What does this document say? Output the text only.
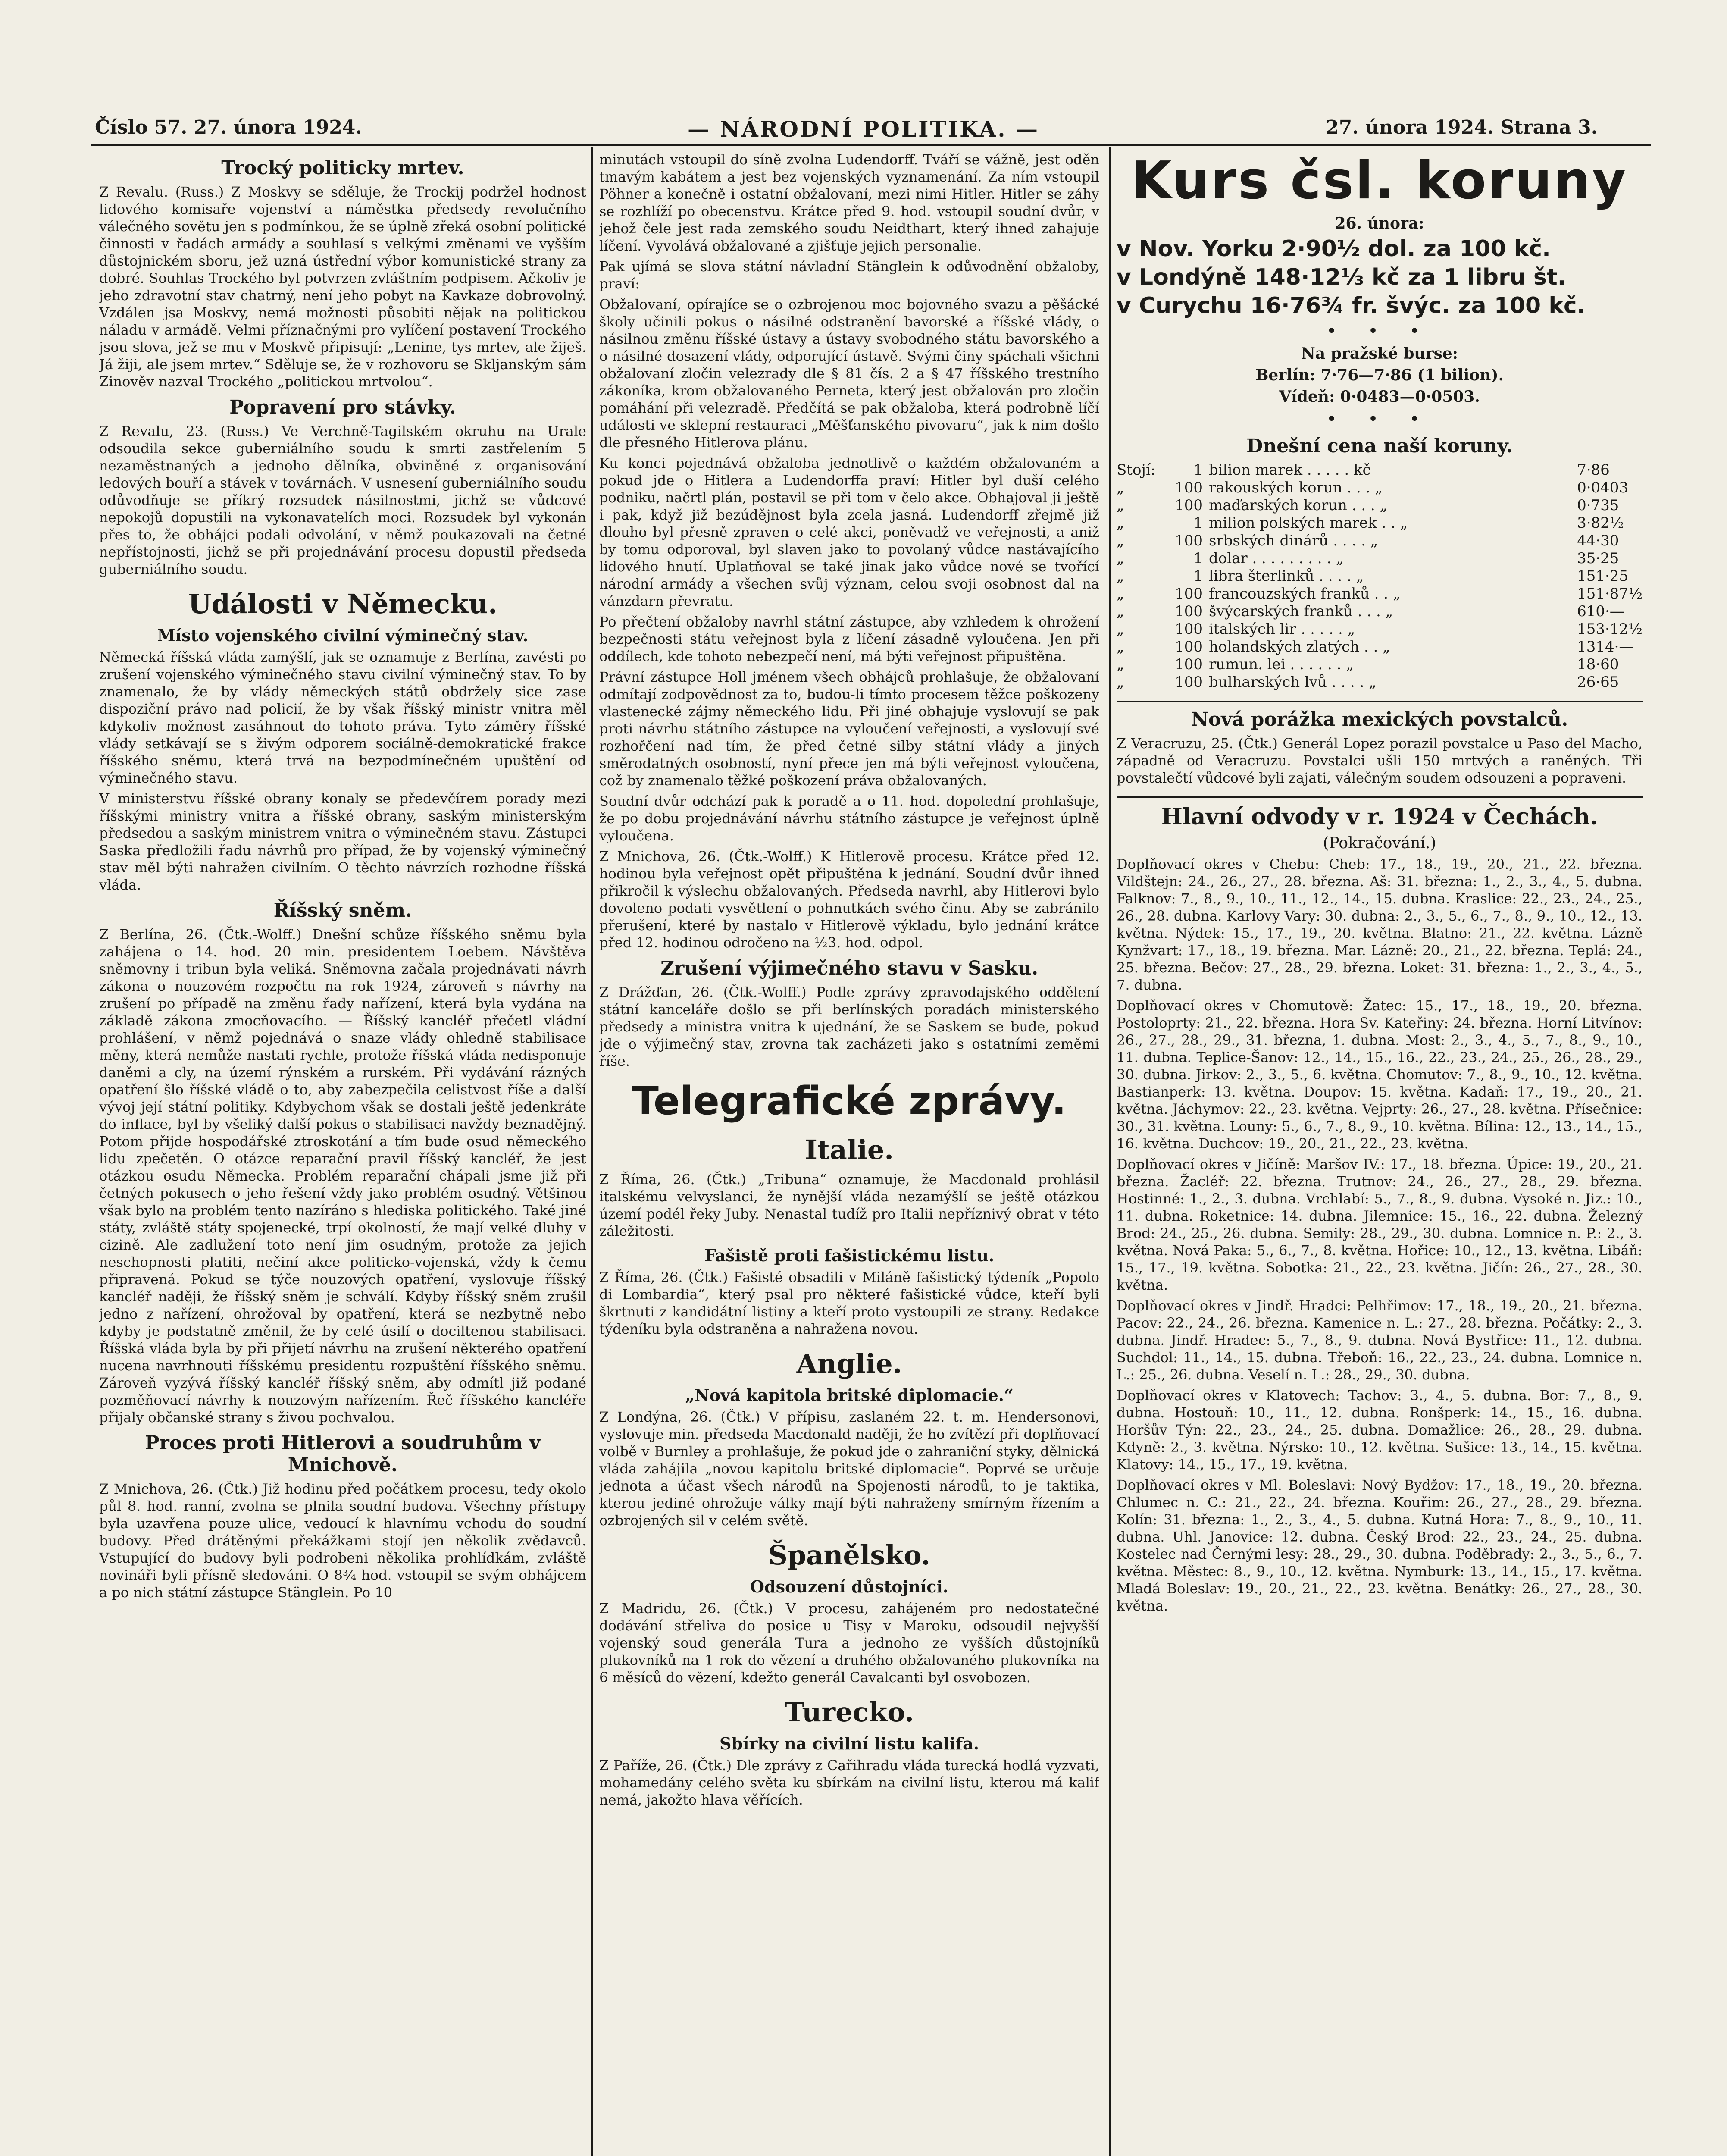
Číslo 57. 27. února 1924.	— NÁRODNÍ POLITIKA. —	27. února 1924. Strana 3.
Trocký politicky mrtev.

Z Revalu. (Russ.) Z Moskvy se sděluje, že Trockij podržel hodnost lidového komisaře vojenství a náměstka předsedy revolučního válečného sovětu jen s podmínkou, že se úplně zřeká osobní politické činnosti v řadách armády a souhlasí s velkými změnami ve vyšším důstojnickém sboru, jež uzná ústřední výbor komunistické strany za dobré. Souhlas Trockého byl potvrzen zvláštním podpisem. Ačkoliv je jeho zdravotní stav chatrný, není jeho pobyt na Kavkaze dobrovolný. Vzdálen jsa Moskvy, nemá možnosti působiti nějak na politickou náladu v armádě. Velmi příznačnými pro vylíčení postavení Trockého jsou slova, jež se mu v Moskvě připisují: „Lenine, tys mrtev, ale žiješ. Já žiji, ale jsem mrtev.“ Sděluje se, že v rozhovoru se Skljanským sám Zinověv nazval Trockého „politickou mrtvolou“.

Popravení pro stávky.

Z Revalu, 23. (Russ.) Ve Verchně-Tagilském okruhu na Urale odsoudila sekce guberniálního soudu k smrti zastřelením 5 nezaměstnaných a jednoho dělníka, obviněné z organisování ledových bouří a stávek v továrnách. V usnesení guberniálního soudu odůvodňuje se příkrý rozsudek násilnostmi, jichž se vůdcové nepokojů dopustili na vykonavatelích moci. Rozsudek byl vykonán přes to, že obhájci podali odvolání, v němž poukazovali na četné nepřístojnosti, jichž se při projednávání procesu dopustil předseda guberniálního soudu.

Události v Německu.
Místo vojenského civilní výminečný stav.

Německá říšská vláda zamýšlí, jak se oznamuje z Berlína, zavésti po zrušení vojenského výminečného stavu civilní výminečný stav. To by znamenalo, že by vlády německých států obdržely sice zase dispoziční právo nad policií, že by však říšský ministr vnitra měl kdykoliv možnost zasáhnout do tohoto práva. Tyto záměry říšské vlády setkávají se s živým odporem sociálně-demokratické frakce říšského sněmu, která trvá na bezpodmínečném upuštění od výminečného stavu.

V ministerstvu říšské obrany konaly se předevčírem porady mezi říšskými ministry vnitra a říšské obrany, saským ministerským předsedou a saským ministrem vnitra o výminečném stavu. Zástupci Saska předložili řadu návrhů pro případ, že by vojenský výminečný stav měl býti nahražen civilním. O těchto návrzích rozhodne říšská vláda.

Říšský sněm.

Z Berlína, 26. (Čtk.-Wolff.) Dnešní schůze říšského sněmu byla zahájena o 14. hod. 20 min. presidentem Loebem. Návštěva sněmovny i tribun byla veliká. Sněmovna začala projednávati návrh zákona o nouzovém rozpočtu na rok 1924, zároveň s návrhy na zrušení po případě na změnu řady nařízení, která byla vydána na základě zákona zmocňovacího. — Říšský kancléř přečetl vládní prohlášení, v němž pojednává o snaze vlády ohledně stabilisace měny, která nemůže nastati rychle, protože říšská vláda nedisponuje daněmi a cly, na území rýnském a rurském. Při vydávání rázných opatření šlo říšské vládě o to, aby zabezpečila celistvost říše a další vývoj její státní politiky. Kdybychom však se dostali ještě jedenkráte do inflace, byl by všeliký další pokus o stabilisaci navždy beznadějný. Potom přijde hospodářské ztroskotání a tím bude osud německého lidu zpečetěn. O otázce reparační pravil říšský kancléř, že jest otázkou osudu Německa. Problém reparační chápali jsme již při četných pokusech o jeho řešení vždy jako problém osudný. Většinou však bylo na problém tento nazíráno s hlediska politického. Také jiné státy, zvláště státy spojenecké, trpí okolností, že mají velké dluhy v cizině. Ale zadlužení toto není jim osudným, protože za jejich neschopnosti platiti, nečiní akce politicko-vojenská, vždy k čemu připravená. Pokud se týče nouzových opatření, vyslovuje říšský kancléř naději, že říšský sněm je schválí. Kdyby říšský sněm zrušil jedno z nařízení, ohrožoval by opatření, která se nezbytně nebo kdyby je podstatně změnil, že by celé úsilí o dociltenou stabilisaci. Říšská vláda byla by při přijetí návrhu na zrušení některého opatření nucena navrhnouti říšskému presidentu rozpuštění říšského sněmu. Zároveň vyzývá říšský kancléř říšský sněm, aby odmítl již podané pozměňovací návrhy k nouzovým nařízením. Řeč říšského kancléře přijaly občanské strany s živou pochvalou.

Proces proti Hitlerovi a soudruhům v Mnichově.

Z Mnichova, 26. (Čtk.) Již hodinu před počátkem procesu, tedy okolo půl 8. hod. ranní, zvolna se plnila soudní budova. Všechny přístupy byla uzavřena pouze ulice, vedoucí k hlavnímu vchodu do soudní budovy. Před drátěnými překážkami stojí jen několik zvědavců. Vstupující do budovy byli podrobeni několika prohlídkám, zvláště novináři byli přísně sledováni. O 8¾ hod. vstoupil se svým obhájcem a po nich státní zástupce Stänglein. Po 10

minutách vstoupil do síně zvolna Ludendorff. Tváří se vážně, jest oděn tmavým kabátem a jest bez vojenských vyznamenání. Za ním vstoupil Pöhner a konečně i ostatní obžalovaní, mezi nimi Hitler. Hitler se záhy se rozhlíží po obecenstvu. Krátce před 9. hod. vstoupil soudní dvůr, v jehož čele jest rada zemského soudu Neidthart, který ihned zahajuje líčení. Vyvolává obžalované a zjišťuje jejich personalie.

Pak ujímá se slova státní návladní Stänglein k odůvodnění obžaloby, praví:

Obžalovaní, opírajíce se o ozbrojenou moc bojovného svazu a pěšácké školy učinili pokus o násilné odstranění bavorské a říšské vlády, o násilnou změnu říšské ústavy a ústavy svobodného státu bavorského a o násilné dosazení vlády, odporující ústavě. Svými činy spáchali všichni obžalovaní zločin velezrady dle § 81 čís. 2 a § 47 říšského trestního zákoníka, krom obžalovaného Perneta, který jest obžalován pro zločin pomáhání při velezradě. Předčítá se pak obžaloba, která podrobně líčí události ve sklepní restauraci „Měšťanského pivovaru“, jak k nim došlo dle přesného Hitlerova plánu.

Ku konci pojednává obžaloba jednotlivě o každém obžalovaném a pokud jde o Hitlera a Ludendorffa praví: Hitler byl duší celého podniku, načrtl plán, postavil se při tom v čelo akce. Obhajoval ji ještě i pak, když již bezúdějnost byla zcela jasná. Ludendorff zřejmě již dlouho byl přesně zpraven o celé akci, poněvadž ve veřejnosti, a aniž by tomu odporoval, byl slaven jako to povolaný vůdce nastávajícího lidového hnutí. Uplatňoval se také jinak jako vůdce nové se tvořící národní armády a všechen svůj význam, celou svoji osobnost dal na vánzdarn převratu.

Po přečtení obžaloby navrhl státní zástupce, aby vzhledem k ohrožení bezpečnosti státu veřejnost byla z líčení zásadně vyloučena. Jen při oddílech, kde tohoto nebezpečí není, má býti veřejnost připuštěna.

Právní zástupce Holl jménem všech obhájců prohlašuje, že obžalovaní odmítají zodpovědnost za to, budou-li tímto procesem těžce poškozeny vlastenecké zájmy německého lidu. Při jiné obhajuje vyslovují se pak proti návrhu státního zástupce na vyloučení veřejnosti, a vyslovují své rozhořčení nad tím, že před četné silby státní vlády a jiných směrodatných osobností, nyní přece jen má býti veřejnost vyloučena, což by znamenalo těžké poškození práva obžalovaných.

Soudní dvůr odchází pak k poradě a o 11. hod. dopolední prohlašuje, že po dobu projednávání návrhu státního zástupce je veřejnost úplně vyloučena.

Z Mnichova, 26. (Čtk.-Wolff.) K Hitlerově procesu. Krátce před 12. hodinou byla veřejnost opět připuštěna k jednání. Soudní dvůr ihned přikročil k výslechu obžalovaných. Předseda navrhl, aby Hitlerovi bylo dovoleno podati vysvětlení o pohnutkách svého činu. Aby se zabránilo přerušení, které by nastalo v Hitlerově výkladu, bylo jednání krátce před 12. hodinou odročeno na ½3. hod. odpol.

Zrušení výjimečného stavu v Sasku.

Z Drážďan, 26. (Čtk.-Wolff.) Podle zprávy zpravodajského oddělení státní kanceláře došlo se při berlínských poradách ministerského předsedy a ministra vnitra k ujednání, že se Saskem se bude, pokud jde o výjimečný stav, zrovna tak zacházeti jako s ostatními zeměmi říše.

Telegrafické zprávy.
Italie.

Z Říma, 26. (Čtk.) „Tribuna“ oznamuje, že Macdonald prohlásil italskému velvyslanci, že nynější vláda nezamýšlí se ještě otázkou území podél řeky Juby. Nenastal tudíž pro Italii nepříznivý obrat v této záležitosti.

Fašistě proti fašistickému listu.

Z Říma, 26. (Čtk.) Fašisté obsadili v Miláně fašistický týdeník „Popolo di Lombardia“, který psal pro některé fašistické vůdce, kteří byli škrtnuti z kandidátní listiny a kteří proto vystoupili ze strany. Redakce týdeníku byla odstraněna a nahražena novou.

Anglie.
„Nová kapitola britské diplomacie.“

Z Londýna, 26. (Čtk.) V přípisu, zaslaném 22. t. m. Hendersonovi, vyslovuje min. předseda Macdonald naději, že ho zvítězí při doplňovací volbě v Burnley a prohlašuje, že pokud jde o zahraniční styky, dělnická vláda zahájila „novou kapitolu britské diplomacie“. Poprvé se určuje jednota a účast všech národů na Spojenosti národů, to je taktika, kterou jediné ohrožuje války mají býti nahraženy smírným řízením a ozbrojených sil v celém světě.

Španělsko.
Odsouzení důstojníci.

Z Madridu, 26. (Čtk.) V procesu, zahájeném pro nedostatečné dodávání střeliva do posice u Tisy v Maroku, odsoudil nejvyšší vojenský soud generála Tura a jednoho ze vyšších důstojníků plukovníků na 1 rok do vězení a druhého obžalovaného plukovníka na 6 měsíců do vězení, kdežto generál Cavalcanti byl osvobozen.

Turecko.
Sbírky na civilní listu kalifa.

Z Paříže, 26. (Čtk.) Dle zprávy z Cařihradu vláda turecká hodlá vyzvati, mohamedány celého světa ku sbírkám na civilní listu, kterou má kalif nemá, jakožto hlava věřících.

Kurs čsl. koruny
26. února:
v Nov. Yorku 2·90½ dol. za 100 kč.
v Londýně 148·12⅓ kč za 1 libru št.
v Curychu 16·76¾ fr. švýc. za 100 kč.
• • •
Na pražské burse:
Berlín: 7·76—7·86 (1 bilion).
Vídeň: 0·0483—0·0503.
• • •
Dnešní cena naší koruny.
Stojí:	1	bilion marek . . . . . kč	7·86
„	100	rakouských korun . . . „	0·0403
„	100	maďarských korun . . . „	0·735
„	1	milion polských marek . . „	3·82½
„	100	srbských dinárů . . . . „	44·30
„	1	dolar . . . . . . . . . „	35·25
„	1	libra šterlinků . . . . „	151·25
„	100	francouzských franků . . „	151·87½
„	100	švýcarských franků . . . „	610·—
„	100	italských lir . . . . . „	153·12½
„	100	holandských zlatých . . „	1314·—
„	100	rumun. lei . . . . . . „	18·60
„	100	bulharských lvů . . . . „	26·65
Nová porážka mexických povstalců.

Z Veracruzu, 25. (Čtk.) Generál Lopez porazil povstalce u Paso del Macho, západně od Veracruzu. Povstalci ušli 150 mrtvých a raněných. Tři povstalečtí vůdcové byli zajati, válečným soudem odsouzeni a popraveni.

Hlavní odvody v r. 1924 v Čechách.
(Pokračování.)

Doplňovací okres v Chebu: Cheb: 17., 18., 19., 20., 21., 22. března. Vildštejn: 24., 26., 27., 28. března. Aš: 31. března: 1., 2., 3., 4., 5. dubna. Falknov: 7., 8., 9., 10., 11., 12., 14., 15. dubna. Kraslice: 22., 23., 24., 25., 26., 28. dubna. Karlovy Vary: 30. dubna: 2., 3., 5., 6., 7., 8., 9., 10., 12., 13. května. Nýdek: 15., 17., 19., 20. května. Blatno: 21., 22. května. Lázně Kynžvart: 17., 18., 19. března. Mar. Lázně: 20., 21., 22. března. Teplá: 24., 25. března. Bečov: 27., 28., 29. března. Loket: 31. března: 1., 2., 3., 4., 5., 7. dubna.

Doplňovací okres v Chomutově: Žatec: 15., 17., 18., 19., 20. března. Postoloprty: 21., 22. března. Hora Sv. Kateřiny: 24. března. Horní Litvínov: 26., 27., 28., 29., 31. března, 1. dubna. Most: 2., 3., 4., 5., 7., 8., 9., 10., 11. dubna. Teplice-Šanov: 12., 14., 15., 16., 22., 23., 24., 25., 26., 28., 29., 30. dubna. Jirkov: 2., 3., 5., 6. května. Chomutov: 7., 8., 9., 10., 12. května. Bastianperk: 13. května. Doupov: 15. května. Kadaň: 17., 19., 20., 21. května. Jáchymov: 22., 23. května. Vejprty: 26., 27., 28. května. Přísečnice: 30., 31. května. Louny: 5., 6., 7., 8., 9., 10. května. Bílina: 12., 13., 14., 15., 16. května. Duchcov: 19., 20., 21., 22., 23. května.

Doplňovací okres v Jičíně: Maršov IV.: 17., 18. března. Úpice: 19., 20., 21. března. Žacléř: 22. března. Trutnov: 24., 26., 27., 28., 29. března. Hostinné: 1., 2., 3. dubna. Vrchlabí: 5., 7., 8., 9. dubna. Vysoké n. Jiz.: 10., 11. dubna. Roketnice: 14. dubna. Jilemnice: 15., 16., 22. dubna. Železný Brod: 24., 25., 26. dubna. Semily: 28., 29., 30. dubna. Lomnice n. P.: 2., 3. května. Nová Paka: 5., 6., 7., 8. května. Hořice: 10., 12., 13. května. Libáň: 15., 17., 19. května. Sobotka: 21., 22., 23. května. Jičín: 26., 27., 28., 30. května.

Doplňovací okres v Jindř. Hradci: Pelhřimov: 17., 18., 19., 20., 21. března. Pacov: 22., 24., 26. března. Kamenice n. L.: 27., 28. března. Počátky: 2., 3. dubna. Jindř. Hradec: 5., 7., 8., 9. dubna. Nová Bystřice: 11., 12. dubna. Suchdol: 11., 14., 15. dubna. Třeboň: 16., 22., 23., 24. dubna. Lomnice n. L.: 25., 26. dubna. Veselí n. L.: 28., 29., 30. dubna.

Doplňovací okres v Klatovech: Tachov: 3., 4., 5. dubna. Bor: 7., 8., 9. dubna. Hostouň: 10., 11., 12. dubna. Ronšperk: 14., 15., 16. dubna. Horšův Týn: 22., 23., 24., 25. dubna. Domažlice: 26., 28., 29. dubna. Kdyně: 2., 3. května. Nýrsko: 10., 12. května. Sušice: 13., 14., 15. května. Klatovy: 14., 15., 17., 19. května.

Doplňovací okres v Ml. Boleslavi: Nový Bydžov: 17., 18., 19., 20. března. Chlumec n. C.: 21., 22., 24. března. Kouřim: 26., 27., 28., 29. března. Kolín: 31. března: 1., 2., 3., 4., 5. dubna. Kutná Hora: 7., 8., 9., 10., 11. dubna. Uhl. Janovice: 12. dubna. Český Brod: 22., 23., 24., 25. dubna. Kostelec nad Černými lesy: 28., 29., 30. dubna. Poděbrady: 2., 3., 5., 6., 7. května. Městec: 8., 9., 10., 12. května. Nymburk: 13., 14., 15., 17. května. Mladá Boleslav: 19., 20., 21., 22., 23. května. Benátky: 26., 27., 28., 30. května.
